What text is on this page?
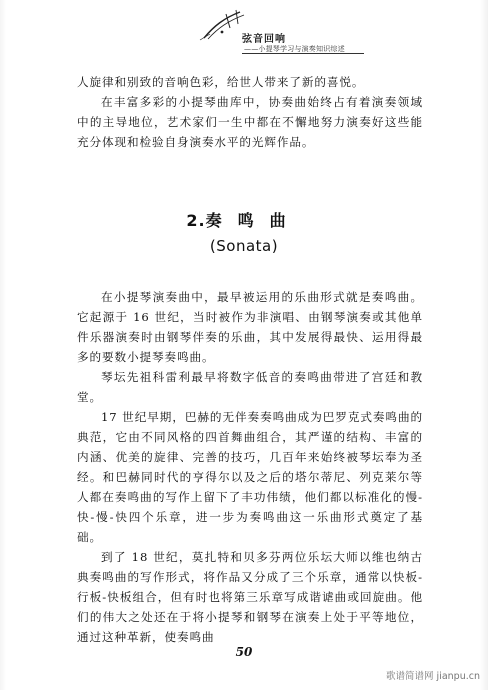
弦音回响
——小提琴学习与演奏知识综述

人旋律和别致的音响色彩，给世人带来了新的喜悦。

在丰富多彩的小提琴曲库中，协奏曲始终占有着演奏领域中的主导地位，艺术家们一生中都在不懈地努力演奏好这些能充分体现和检验自身演奏水平的光辉作品。

2.奏鸣曲
(Sonata)

在小提琴演奏曲中，最早被运用的乐曲形式就是奏鸣曲。它起源于 16 世纪，当时被作为非演唱、由钢琴演奏或其他单件乐器演奏时由钢琴伴奏的乐曲，其中发展得最快、运用得最多的要数小提琴奏鸣曲。

琴坛先祖科雷利最早将数字低音的奏鸣曲带进了宫廷和教堂。

17 世纪早期，巴赫的无伴奏奏鸣曲成为巴罗克式奏鸣曲的典范，它由不同风格的四首舞曲组合，其严谨的结构、丰富的内涵、优美的旋律、完善的技巧，几百年来始终被琴坛奉为圣经。和巴赫同时代的亨得尔以及之后的塔尔蒂尼、列克莱尔等人都在奏鸣曲的写作上留下了丰功伟绩，他们都以标准化的慢-快-慢-快四个乐章，进一步为奏鸣曲这一乐曲形式奠定了基础。

到了 18 世纪，莫扎特和贝多芬两位乐坛大师以维也纳古典奏鸣曲的写作形式，将作品又分成了三个乐章，通常以快板-行板-快板组合，但有时也将第三乐章写成谐谑曲或回旋曲。他们的伟大之处还在于将小提琴和钢琴在演奏上处于平等地位，通过这种革新，使奏鸣曲

50
歌谱简谱网 jianpu.cn
